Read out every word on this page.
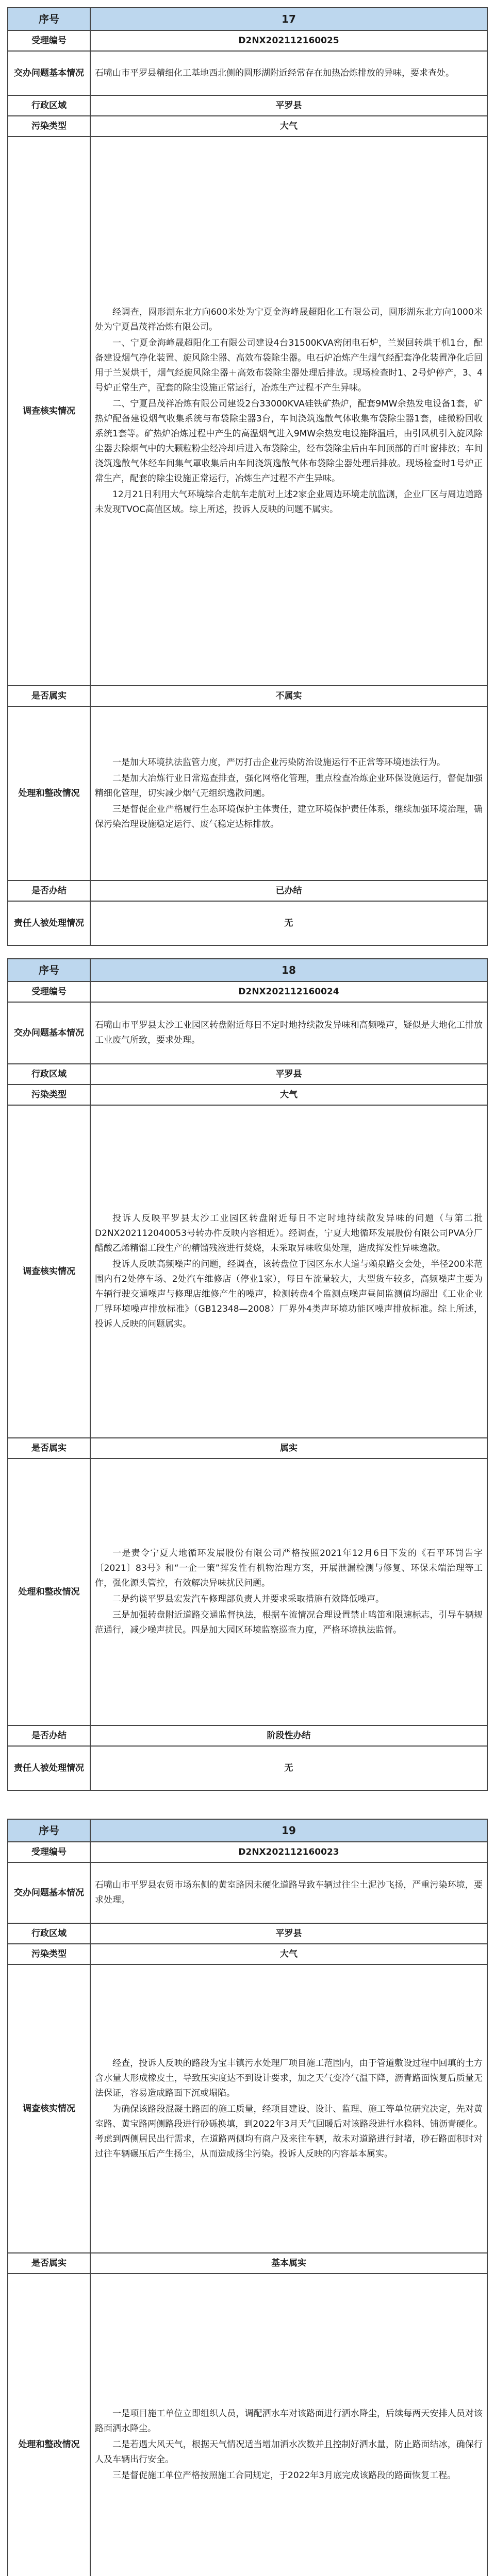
序号	17
受理编号	D2NX202112160025
交办问题基本情况	石嘴山市平罗县精细化工基地西北侧的圆形湖附近经常存在加热冶炼排放的异味，要求查处。
行政区域	平罗县
污染类型	大气
调查核实情况	经调查，圆形湖东北方向600米处为宁夏金海峰晟超阳化工有限公司，圆形湖东北方向1000米处为宁夏昌茂祥冶炼有限公司。

一、宁夏金海峰晟超阳化工有限公司建设4台31500KVA密闭电石炉，兰炭回转烘干机1台，配备建设烟气净化装置、旋风除尘器、高效布袋除尘器。电石炉冶炼产生烟气经配套净化装置净化后回用于兰炭烘干，烟气经旋风除尘器＋高效布袋除尘器处理后排放。现场检查时1、2号炉停产，3、4号炉正常生产，配套的除尘设施正常运行，冶炼生产过程不产生异味。

二、宁夏昌茂祥冶炼有限公司建设2台33000KVA硅铁矿热炉，配套9MW余热发电设备1套，矿热炉配备建设烟气收集系统与布袋除尘器3台，车间浇筑逸散气体收集布袋除尘器1套，硅微粉回收系统1套等。矿热炉冶炼过程中产生的高温烟气进入9MW余热发电设施降温后，由引风机引入旋风除尘器去除烟气中的大颗粒粉尘经冷却后进入布袋除尘，经布袋除尘后由车间顶部的百叶窗排放；车间浇筑逸散气体经车间集气罩收集后由车间浇筑逸散气体布袋除尘器处理后排放。现场检查时1号炉正常生产，配套的除尘设施正常运行，冶炼生产过程不产生异味。

12月21日利用大气环境综合走航车走航对上述2家企业周边环境走航监测，企业厂区与周边道路未发现TVOC高值区域。综上所述，投诉人反映的问题不属实。

是否属实	不属实
处理和整改情况	一是加大环境执法监管力度，严厉打击企业污染防治设施运行不正常等环境违法行为。

二是加大冶炼行业日常巡查排查，强化网格化管理，重点检查冶炼企业环保设施运行，督促加强精细化管理，切实减少烟气无组织逸散问题。

三是督促企业严格履行生态环境保护主体责任，建立环境保护责任体系，继续加强环境治理，确保污染治理设施稳定运行、废气稳定达标排放。

是否办结	已办结
责任人被处理情况	无
序号	18
受理编号	D2NX202112160024
交办问题基本情况	石嘴山市平罗县太沙工业园区转盘附近每日不定时地持续散发异味和高频噪声，疑似是大地化工排放工业废气所致，要求处理。
行政区域	平罗县
污染类型	大气
调查核实情况	投诉人反映平罗县太沙工业园区转盘附近每日不定时地持续散发异味的问题（与第二批D2NX202112040053号转办件反映内容相近）。经调查，宁夏大地循环发展股份有限公司PVA分厂醋酸乙烯精馏工段生产的精馏残液进行焚烧，未采取异味收集处理，造成挥发性异味逸散。

投诉人反映高频噪声的问题，经调查，该转盘位于园区东水大道与赖泉路交会处，半径200米范围内有2处停车场、2处汽车维修店（停业1家），每日车流量较大，大型货车较多，高频噪声主要为车辆行驶交通噪声与修理店维修产生的噪声，检测转盘4个监测点噪声昼间监测值均超出《工业企业厂界环境噪声排放标准》（GB12348—2008）厂界外4类声环境功能区噪声排放标准。综上所述，投诉人反映的问题属实。

是否属实	属实
处理和整改情况	一是责令宁夏大地循环发展股份有限公司严格按照2021年12月6日下发的《石平环罚告字〔2021〕83号》和“一企一策”挥发性有机物治理方案，开展泄漏检测与修复、环保未端治理等工作，强化源头管控，有效解决异味扰民问题。

二是约谈平罗县宏发汽车修理部负责人并要求采取措施有效降低噪声。

三是加强转盘附近道路交通监督执法，根据车流情况合理设置禁止鸣笛和限速标志，引导车辆规范通行，减少噪声扰民。四是加大园区环境监察巡查力度，严格环境执法监督。

是否办结	阶段性办结
责任人被处理情况	无
序号	19
受理编号	D2NX202112160023
交办问题基本情况	石嘴山市平罗县农贸市场东侧的黄室路因未硬化道路导致车辆过往尘土泥沙飞扬，严重污染环境，要求处理。
行政区域	平罗县
污染类型	大气
调查核实情况	经查，投诉人反映的路段为宝丰镇污水处理厂项目施工范围内，由于管道敷设过程中回填的土方含水量大形成橡皮土，导致压实度达不到设计要求，加之天气变冷气温下降，沥青路面恢复后质量无法保证，容易造成路面下沉或塌陷。

为确保该路段混凝土路面的施工质量，经项目建设、设计、监理、施工等单位研究决定，先对黄室路、黄宝路两侧路段进行砂砾换填，到2022年3月天气回暖后对该路段进行水稳料、铺沥青硬化。考虑到两侧居民出行需求，在道路两侧均有商户及来往车辆，故未对道路进行封堵，砂石路面积时对过往车辆碾压后产生扬尘，从而造成扬尘污染。投诉人反映的内容基本属实。

是否属实	基本属实
处理和整改情况	一是项目施工单位立即组织人员，调配洒水车对该路面进行洒水降尘，后续每两天安排人员对该路面洒水降尘。

二是若遇大风天气，根据天气情况适当增加洒水次数并且控制好洒水量，防止路面结冰，确保行人及车辆出行安全。

三是督促施工单位严格按照施工合同规定，于2022年3月底完成该路段的路面恢复工程。
